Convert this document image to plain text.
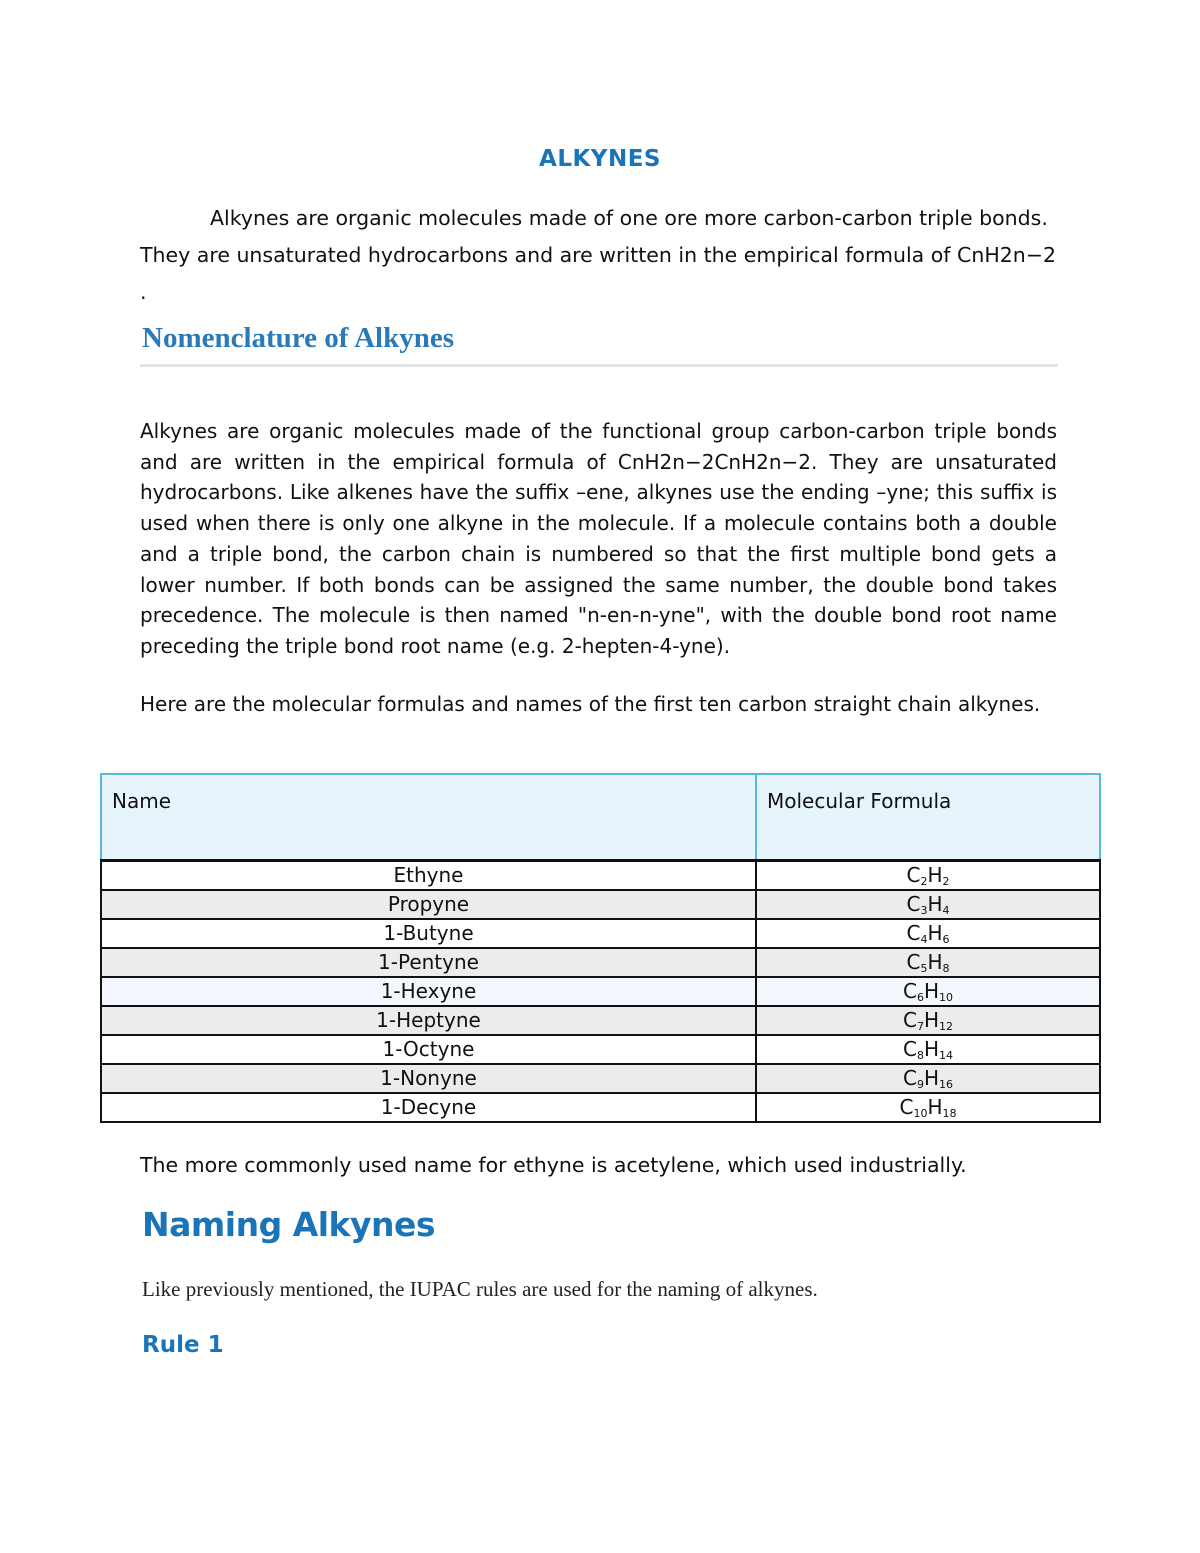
ALKYNES
Alkynes are organic molecules made of one ore more carbon-carbon triple bonds. They are unsaturated hydrocarbons and are written in the empirical formula of CnH2n−2 .
Nomenclature of Alkynes
Alkynes are organic molecules made of the functional group carbon-carbon triple bonds and are written in the empirical formula of CnH2n−2CnH2n−2. They are unsaturated hydrocarbons. Like alkenes have the suffix –ene, alkynes use the ending –yne; this suffix is used when there is only one alkyne in the molecule. If a molecule contains both a double and a triple bond, the carbon chain is numbered so that the first multiple bond gets a lower number. If both bonds can be assigned the same number, the double bond takes precedence. The molecule is then named "n-en-n-yne", with the double bond root name preceding the triple bond root name (e.g. 2-hepten-4-yne).
Here are the molecular formulas and names of the first ten carbon straight chain alkynes.
Name	Molecular Formula
Ethyne	$C_2H_2$
Propyne	$C_3H_4$
1-Butyne	$C_4H_6$
1-Pentyne	$C_5H_8$
1-Hexyne	$C_6H_{10}$
1-Heptyne	$C_7H_{12}$
1-Octyne	$C_8H_{14}$
1-Nonyne	$C_9H_{16}$
1-Decyne	$C_{10}H_{18}$
The more commonly used name for ethyne is acetylene, which used industrially.
Naming Alkynes
Like previously mentioned, the IUPAC rules are used for the naming of alkynes.
Rule 1
